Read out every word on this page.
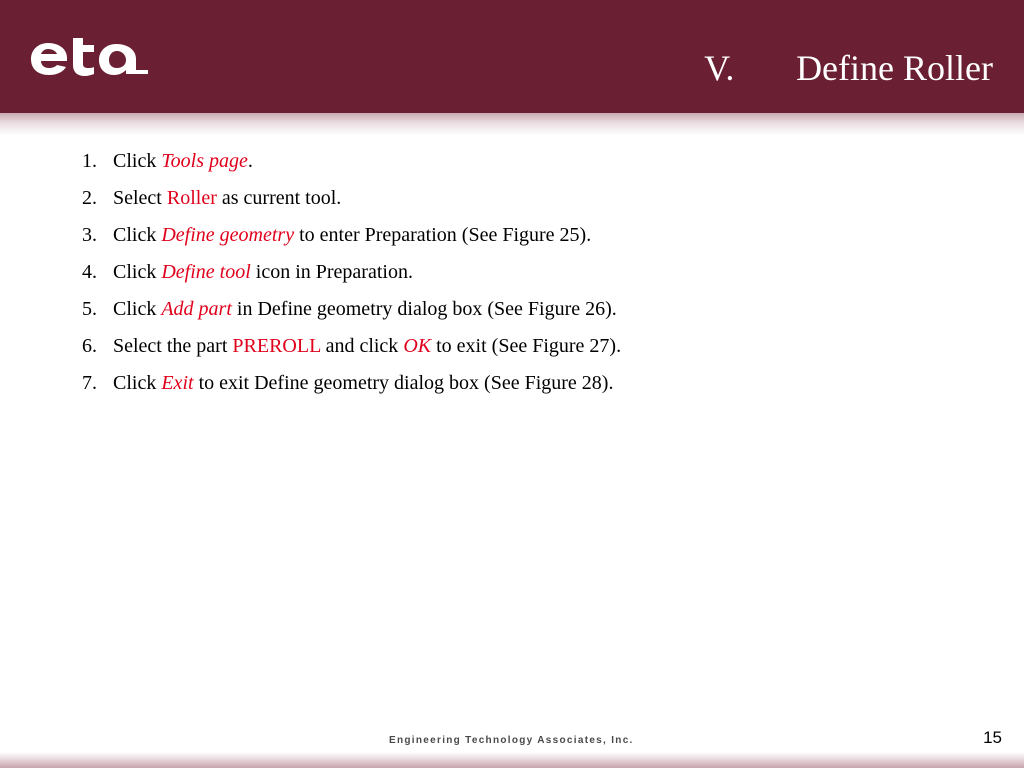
V. Define Roller
1. Click Tools page.
2. Select Roller as current tool.
3. Click Define geometry to enter Preparation (See Figure 25).
4. Click Define tool icon in Preparation.
5. Click Add part in Define geometry dialog box (See Figure 26).
6. Select the part PREROLL and click OK to exit (See Figure 27).
7. Click Exit to exit Define geometry dialog box (See Figure 28).
Engineering Technology Associates, Inc.	15
